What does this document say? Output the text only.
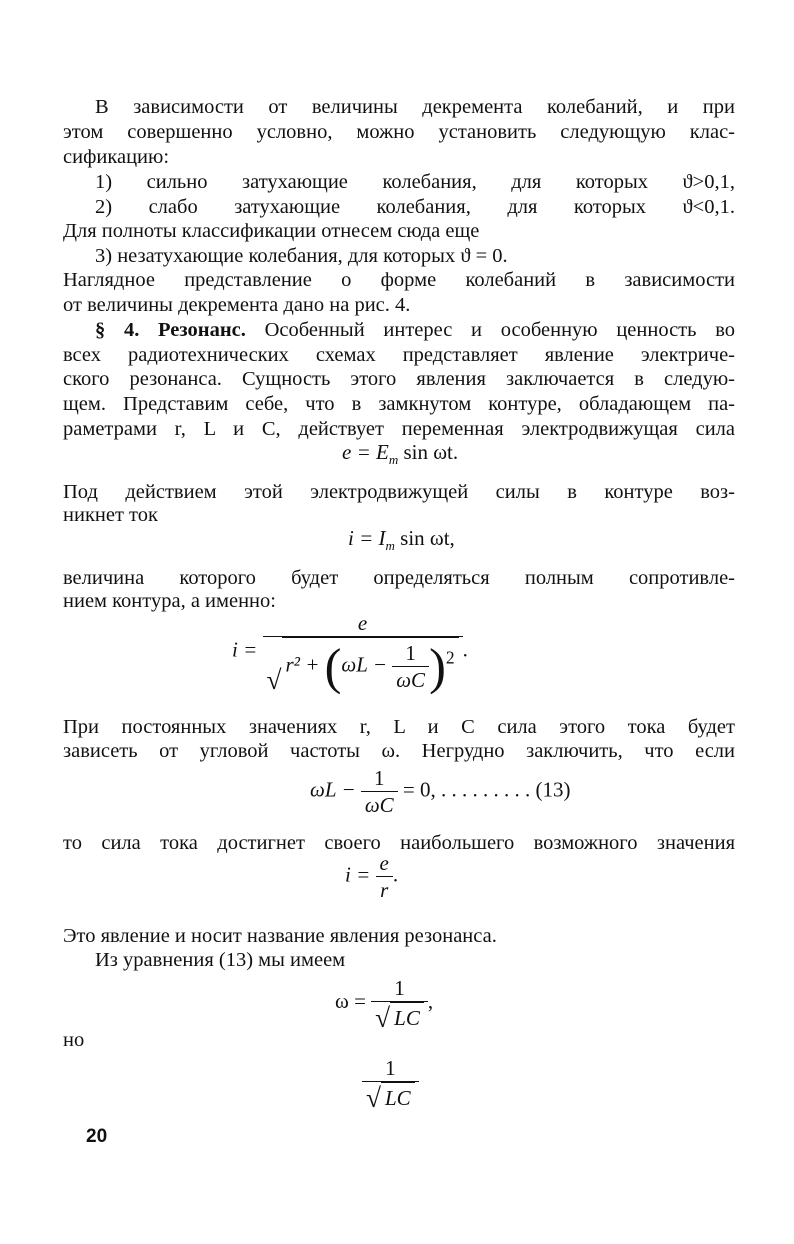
В зависимости от величины декремента колебаний, и при
этом совершенно условно, можно установить следующую клас-
сификацию:
1) сильно затухающие колебания, для которых ϑ>0,1,
2) слабо затухающие колебания, для которых ϑ<0,1.
Для полноты классификации отнесем сюда еще
3) незатухающие колебания, для которых ϑ = 0.
Наглядное представление о форме колебаний в зависимости
от величины декремента дано на рис. 4.
§ 4. Резонанс. Особенный интерес и особенную ценность во
всех радиотехнических схемах представляет явление электриче-
ского резонанса. Сущность этого явления заключается в следую-
щем. Представим себе, что в замкнутом контуре, обладающем па-
раметрами r, L и C, действует переменная электродвижущая сила
$e = E_m$ sin ωt.
Под действием этой электродвижущей силы в контуре воз-
никнет ток
$i = I_m$ sin ωt,
величина которого будет определяться полным сопротивле-
нием контура, а именно:
$i = \frac{e}{√r^2 + (\omega L - \frac{1}{\omega C} )^2}$ .
При постоянных значениях r, L и C сила этого тока будет
зависеть от угловой частоты ω. Негрудно заключить, что если
$\omega L - \frac{1}{\omega C} = 0$, . . . . . . . . . (13)
то сила тока достигнет своего наибольшего возможного значения
$i = \frac{e}{r}$ .
Это явление и носит название явления резонанса.
Из уравнения (13) мы имеем
$\omega = \frac{1}{√ LC}$ ,
но
$\frac{1}{√ LC}$
20
